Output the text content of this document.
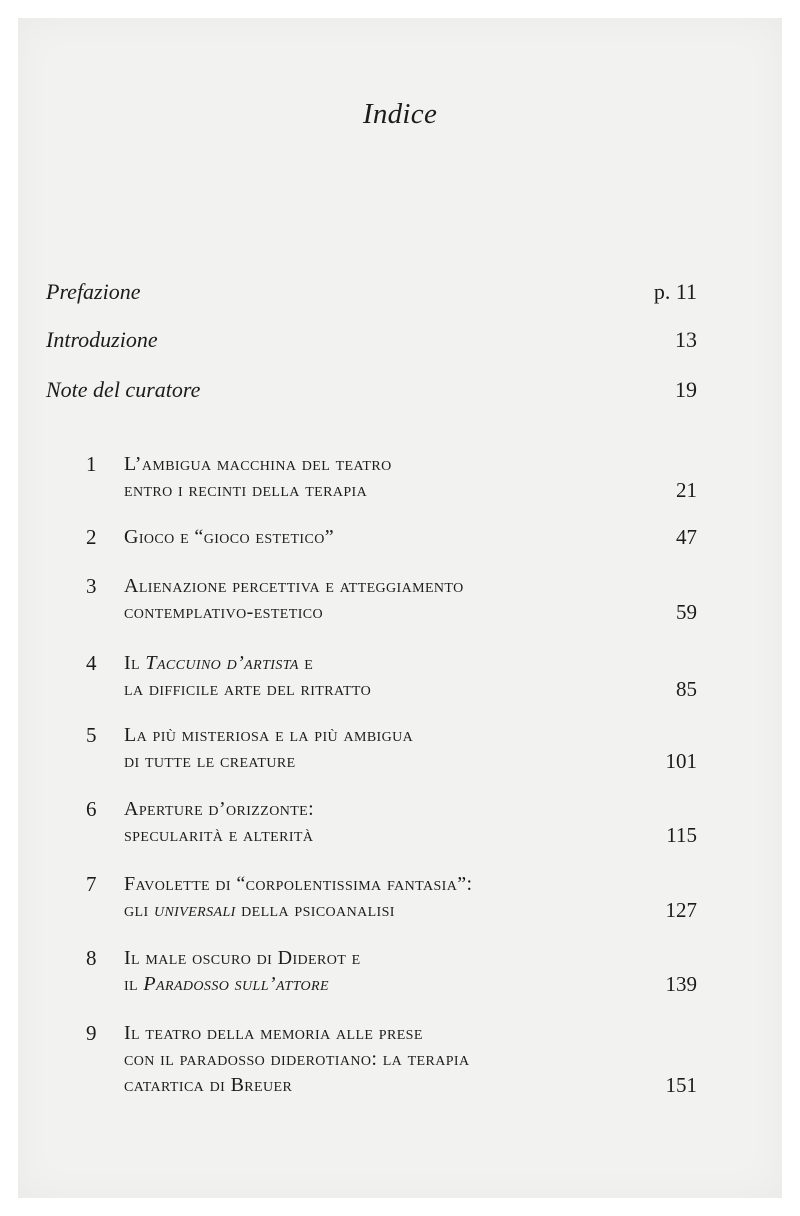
Indice
Prefazione	p. 11
Introduzione	13
Note del curatore	19
1	L’ambigua macchina del teatro
entro i recinti della terapia	21
2	Gioco e “gioco estetico”	47
3	Alienazione percettiva e atteggiamento
contemplativo-estetico	59
4	Il Taccuino d’artista e
la difficile arte del ritratto	85
5	La più misteriosa e la più ambigua
di tutte le creature	101
6	Aperture d’orizzonte:
specularità e alterità	115
7	Favolette di “corpolentissima fantasia”:
gli universali della psicoanalisi	127
8	Il male oscuro di Diderot e
il Paradosso sull’attore	139
9	Il teatro della memoria alle prese
con il paradosso diderotiano: la terapia
catartica di Breuer	151
